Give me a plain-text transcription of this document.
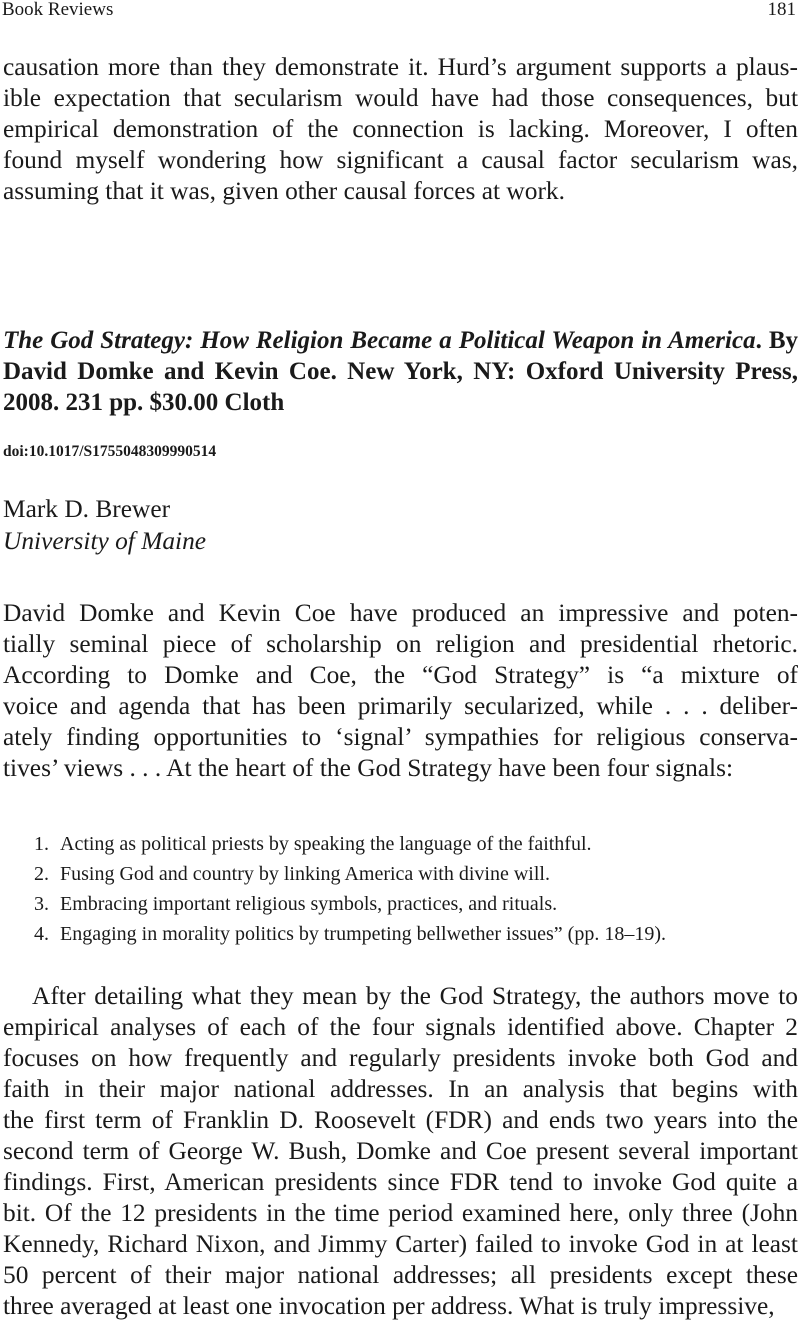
Book Reviews	181

causation more than they demonstrate it. Hurd’s argument supports a plaus-
ible expectation that secularism would have had those consequences, but
empirical demonstration of the connection is lacking. Moreover, I often
found myself wondering how significant a causal factor secularism was,
assuming that it was, given other causal forces at work.

The God Strategy: How Religion Became a Political Weapon in America. By David Domke and Kevin Coe. New York, NY: Oxford University Press, 2008. 231 pp. $30.00 Cloth

doi:10.1017/S1755048309990514
Mark D. Brewer
University of Maine

David Domke and Kevin Coe have produced an impressive and poten-
tially seminal piece of scholarship on religion and presidential rhetoric.
According to Domke and Coe, the “God Strategy” is “a mixture of
voice and agenda that has been primarily secularized, while . . . deliber-
ately finding opportunities to ‘signal’ sympathies for religious conserva-
tives’ views . . . At the heart of the God Strategy have been four signals:

1. Acting as political priests by speaking the language of the faithful.
2. Fusing God and country by linking America with divine will.
3. Embracing important religious symbols, practices, and rituals.
4. Engaging in morality politics by trumpeting bellwether issues” (pp. 18–19).

After detailing what they mean by the God Strategy, the authors move to
empirical analyses of each of the four signals identified above. Chapter 2
focuses on how frequently and regularly presidents invoke both God and
faith in their major national addresses. In an analysis that begins with
the first term of Franklin D. Roosevelt (FDR) and ends two years into the
second term of George W. Bush, Domke and Coe present several important
findings. First, American presidents since FDR tend to invoke God quite a
bit. Of the 12 presidents in the time period examined here, only three (John
Kennedy, Richard Nixon, and Jimmy Carter) failed to invoke God in at least
50 percent of their major national addresses; all presidents except these
three averaged at least one invocation per address. What is truly impressive,
